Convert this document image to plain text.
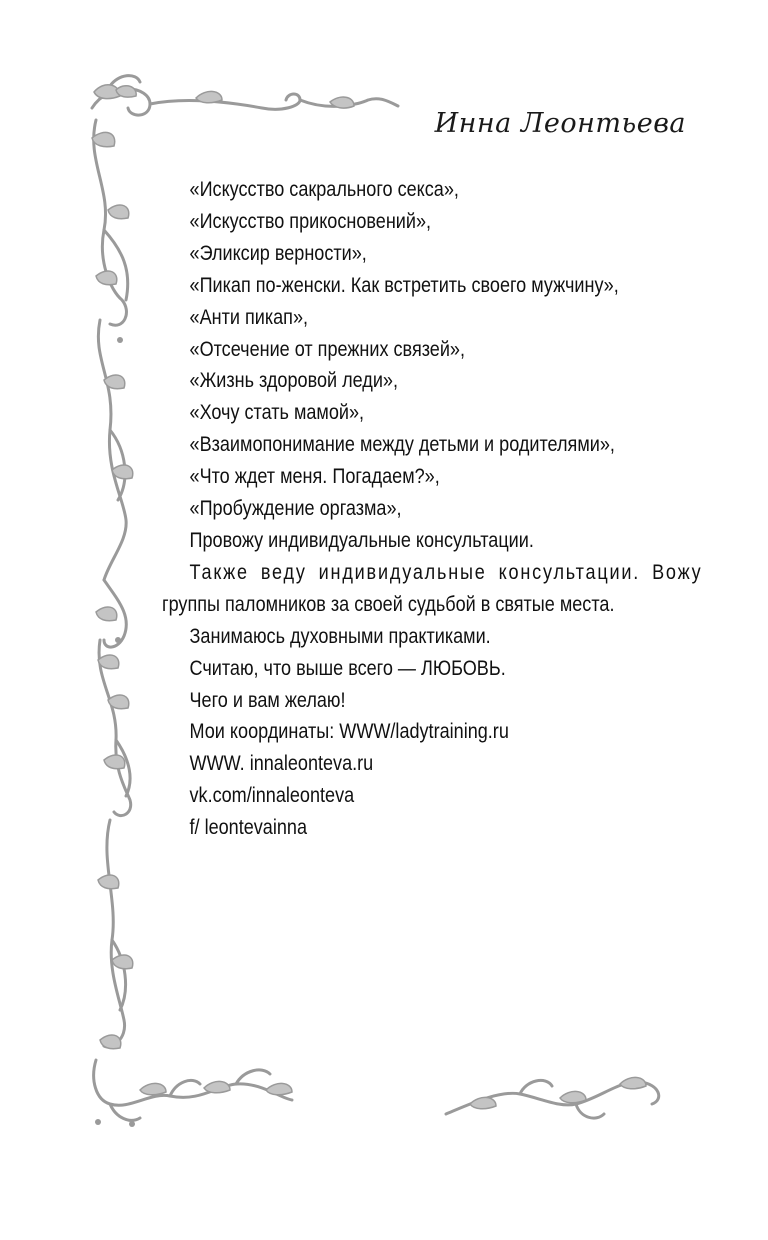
Инна Леонтьева
«Искусство сакрального секса»,
«Искусство прикосновений»,
«Эликсир верности»,
«Пикап по-женски. Как встретить своего мужчину»,
«Анти пикап»,
«Отсечение от прежних связей»,
«Жизнь здоровой леди»,
«Хочу стать мамой»,
«Взаимопонимание между детьми и родителями»,
«Что ждет меня. Погадаем?»,
«Пробуждение оргазма»,
Провожу индивидуальные консультации.
Также веду индивидуальные консультации. Вожу
группы паломников за своей судьбой в святые места.
Занимаюсь духовными практиками.
Считаю, что выше всего — ЛЮБОВЬ.
Чего и вам желаю!
Мои координаты: WWW/ladytraining.ru
WWW. innaleonteva.ru
vk.com/innaleonteva
f/ leontevainna
